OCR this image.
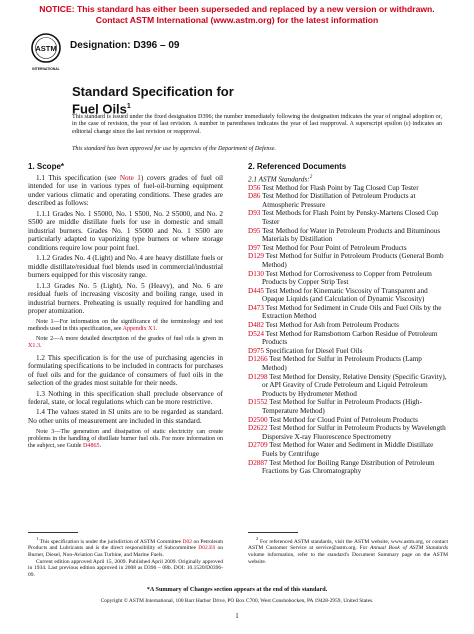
NOTICE: This standard has either been superseded and replaced by a new version or withdrawn.
Contact ASTM International (www.astm.org) for the latest information
ASTM
INTERNATIONAL
Designation: D396 – 09
Standard Specification for
Fuel Oils$^1$
This standard is issued under the fixed designation D396; the number immediately following the designation indicates the year of original adoption or, in the case of revision, the year of last revision. A number in parentheses indicates the year of last reapproval. A superscript epsilon (ε) indicates an editorial change since the last revision or reapproval.
This standard has been approved for use by agencies of the Department of Defense.
1. Scope*

1.1 This specification (see Note 1) covers grades of fuel oil intended for use in various types of fuel-oil-burning equipment under various climatic and operating conditions. These grades are described as follows:

1.1.1 Grades No. 1 S5000, No. 1 S500, No. 2 S5000, and No. 2 S500 are middle distillate fuels for use in domestic and small industrial burners. Grades No. 1 S5000 and No. 1 S500 are particularly adapted to vaporizing type burners or where storage conditions require low pour point fuel.

1.1.2 Grades No. 4 (Light) and No. 4 are heavy distillate fuels or middle distillate/residual fuel blends used in commercial/industrial burners equipped for this viscosity range.

1.1.3 Grades No. 5 (Light), No. 5 (Heavy), and No. 6 are residual fuels of increasing viscosity and boiling range, used in industrial burners. Preheating is usually required for handling and proper atomization.

Note 1—For information on the significance of the terminology and test methods used in this specification, see Appendix X1.

Note 2—A more detailed description of the grades of fuel oils is given in X1.3.

1.2 This specification is for the use of purchasing agencies in formulating specifications to be included in contracts for purchases of fuel oils and for the guidance of consumers of fuel oils in the selection of the grades most suitable for their needs.

1.3 Nothing in this specification shall preclude observance of federal, state, or local regulations which can be more restrictive.

1.4 The values stated in SI units are to be regarded as standard. No other units of measurement are included in this standard.

Note 3—The generation and dissipation of static electricity can create problems in the handling of distillate burner fuel oils. For more information on the subject, see Guide D4865.

2. Referenced Documents
2.1 ASTM Standards:$^2$

D56 Test Method for Flash Point by Tag Closed Cup Tester

D86 Test Method for Distillation of Petroleum Products at Atmospheric Pressure

D93 Test Methods for Flash Point by Pensky-Martens Closed Cup Tester

D95 Test Method for Water in Petroleum Products and Bituminous Materials by Distillation

D97 Test Method for Pour Point of Petroleum Products

D129 Test Method for Sulfur in Petroleum Products (General Bomb Method)

D130 Test Method for Corrosiveness to Copper from Petroleum Products by Copper Strip Test

D445 Test Method for Kinematic Viscosity of Transparent and Opaque Liquids (and Calculation of Dynamic Viscosity)

D473 Test Method for Sediment in Crude Oils and Fuel Oils by the Extraction Method

D482 Test Method for Ash from Petroleum Products

D524 Test Method for Ramsbottom Carbon Residue of Petroleum Products

D975 Specification for Diesel Fuel Oils

D1266 Test Method for Sulfur in Petroleum Products (Lamp Method)

D1298 Test Method for Density, Relative Density (Specific Gravity), or API Gravity of Crude Petroleum and Liquid Petroleum Products by Hydrometer Method

D1552 Test Method for Sulfur in Petroleum Products (High-Temperature Method)

D2500 Test Method for Cloud Point of Petroleum Products

D2622 Test Method for Sulfur in Petroleum Products by Wavelength Dispersive X-ray Fluorescence Spectrometry

D2709 Test Method for Water and Sediment in Middle Distillate Fuels by Centrifuge

D2887 Test Method for Boiling Range Distribution of Petroleum Fractions by Gas Chromatography

$^1$ This specification is under the jurisdiction of ASTM Committee D02 on Petroleum Products and Lubricants and is the direct responsibility of Subcommittee D02.E0 on Burner, Diesel, Non-Aviation Gas Turbine, and Marine Fuels.
Current edition approved April 15, 2009. Published April 2009. Originally approved in 1934. Last previous edition approved in 2008 as D396 – 08b. DOI: 10.1520/D0396-09.
$^2$ For referenced ASTM standards, visit the ASTM website, www.astm.org, or contact ASTM Customer Service at service@astm.org. For Annual Book of ASTM Standards volume information, refer to the standard's Document Summary page on the ASTM website.
*A Summary of Changes section appears at the end of this standard.
Copyright © ASTM International, 100 Barr Harbor Drive, PO Box C700, West Conshohocken, PA 19428-2959, United States.
1
